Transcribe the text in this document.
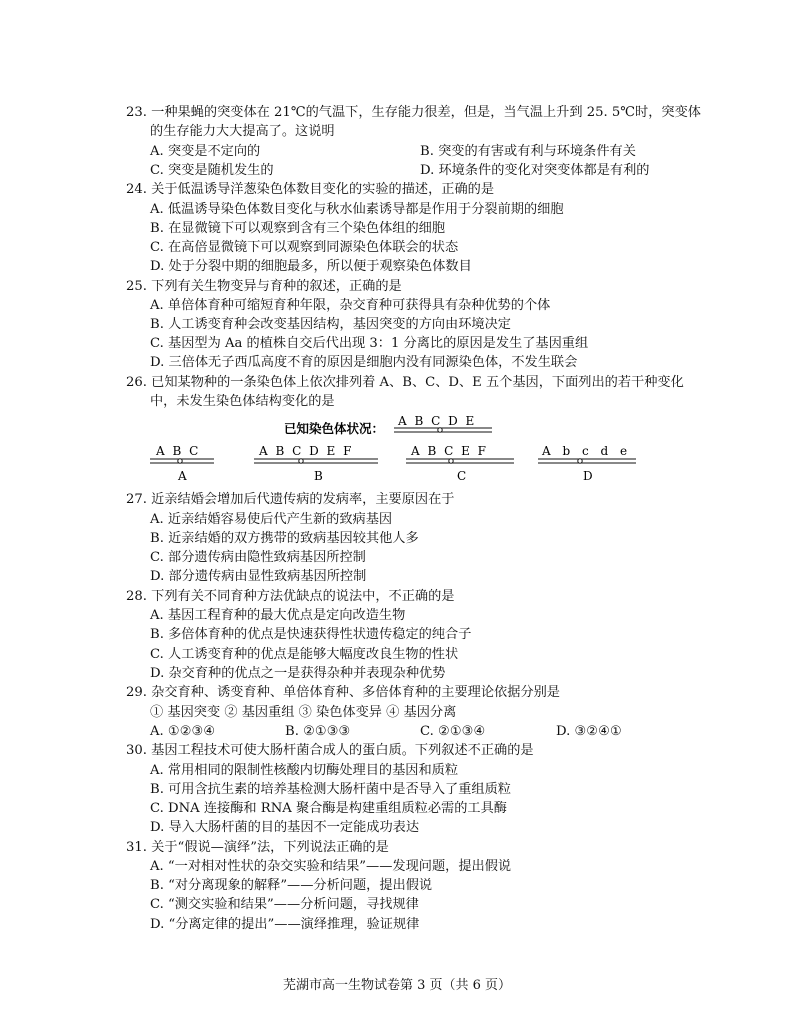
23. 一种果蝇的突变体在 21℃的气温下，生存能力很差，但是，当气温上升到 25. 5℃时，突变体
的生存能力大大提高了。这说明
A. 突变是不定向的	B. 突变的有害或有利与环境条件有关
C. 突变是随机发生的	D. 环境条件的变化对突变体都是有利的
24. 关于低温诱导洋葱染色体数目变化的实验的描述，正确的是
A. 低温诱导染色体数目变化与秋水仙素诱导都是作用于分裂前期的细胞
B. 在显微镜下可以观察到含有三个染色体组的细胞
C. 在高倍显微镜下可以观察到同源染色体联会的状态
D. 处于分裂中期的细胞最多，所以便于观察染色体数目
25. 下列有关生物变异与育种的叙述，正确的是
A. 单倍体育种可缩短育种年限，杂交育种可获得具有杂种优势的个体
B. 人工诱变育种会改变基因结构，基因突变的方向由环境决定
C. 基因型为 Aa 的植株自交后代出现 3：1 分离比的原因是发生了基因重组
D. 三倍体无子西瓜高度不育的原因是细胞内没有同源染色体，不发生联会
26. 已知某物种的一条染色体上依次排列着 A、B、C、D、E 五个基因，下面列出的若干种变化
中，未发生染色体结构变化的是
已知染色体状况： A B C D E
A B C
A
A B C D E F
B
A B C E F
C
A b c d e
D
27. 近亲结婚会增加后代遗传病的发病率，主要原因在于
A. 近亲结婚容易使后代产生新的致病基因
B. 近亲结婚的双方携带的致病基因较其他人多
C. 部分遗传病由隐性致病基因所控制
D. 部分遗传病由显性致病基因所控制
28. 下列有关不同育种方法优缺点的说法中，不正确的是
A. 基因工程育种的最大优点是定向改造生物
B. 多倍体育种的优点是快速获得性状遗传稳定的纯合子
C. 人工诱变育种的优点是能够大幅度改良生物的性状
D. 杂交育种的优点之一是获得杂种并表现杂种优势
29. 杂交育种、诱变育种、单倍体育种、多倍体育种的主要理论依据分别是
① 基因突变 ② 基因重组 ③ 染色体变异 ④ 基因分离
A. ①②③④	B. ②①③③	C. ②①③④	D. ③②④①
30. 基因工程技术可使大肠杆菌合成人的蛋白质。下列叙述不正确的是
A. 常用相同的限制性核酸内切酶处理目的基因和质粒
B. 可用含抗生素的培养基检测大肠杆菌中是否导入了重组质粒
C. DNA 连接酶和 RNA 聚合酶是构建重组质粒必需的工具酶
D. 导入大肠杆菌的目的基因不一定能成功表达
31. 关于“假说—演绎”法，下列说法正确的是
A. “一对相对性状的杂交实验和结果”——发现问题，提出假说
B. “对分离现象的解释”——分析问题，提出假说
C. “测交实验和结果”——分析问题，寻找规律
D. “分离定律的提出”——演绎推理，验证规律
芜湖市高一生物试卷第 3 页（共 6 页）
